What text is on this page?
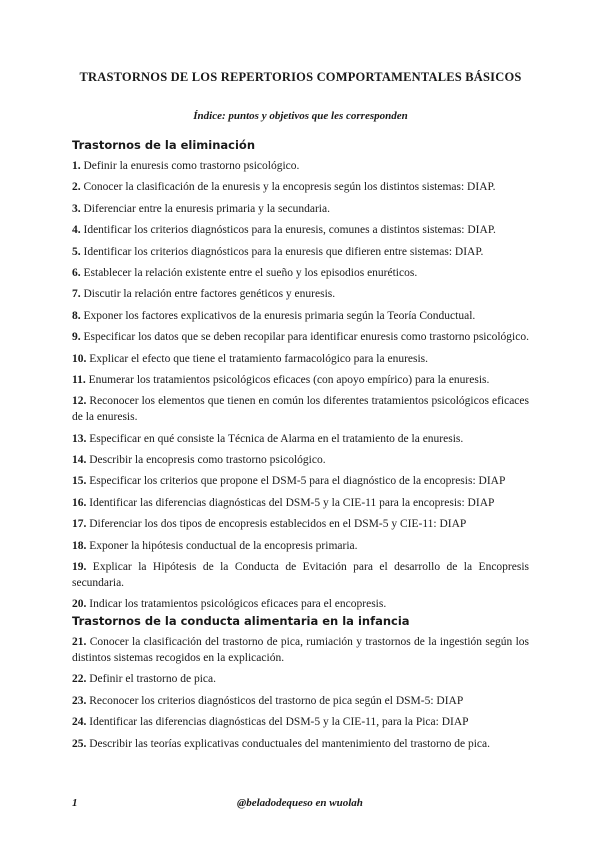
TRASTORNOS DE LOS REPERTORIOS COMPORTAMENTALES BÁSICOS
Índice: puntos y objetivos que les corresponden
Trastornos de la eliminación
1. Definir la enuresis como trastorno psicológico.
2. Conocer la clasificación de la enuresis y la encopresis según los distintos sistemas: DIAP.
3. Diferenciar entre la enuresis primaria y la secundaria.
4. Identificar los criterios diagnósticos para la enuresis, comunes a distintos sistemas: DIAP.
5. Identificar los criterios diagnósticos para la enuresis que difieren entre sistemas: DIAP.
6. Establecer la relación existente entre el sueño y los episodios enuréticos.
7. Discutir la relación entre factores genéticos y enuresis.
8. Exponer los factores explicativos de la enuresis primaria según la Teoría Conductual.
9. Especificar los datos que se deben recopilar para identificar enuresis como trastorno psicológico.
10. Explicar el efecto que tiene el tratamiento farmacológico para la enuresis.
11. Enumerar los tratamientos psicológicos eficaces (con apoyo empírico) para la enuresis.
12. Reconocer los elementos que tienen en común los diferentes tratamientos psicológicos eficaces de la enuresis.
13. Especificar en qué consiste la Técnica de Alarma en el tratamiento de la enuresis.
14. Describir la encopresis como trastorno psicológico.
15. Especificar los criterios que propone el DSM-5 para el diagnóstico de la encopresis: DIAP
16. Identificar las diferencias diagnósticas del DSM-5 y la CIE-11 para la encopresis: DIAP
17. Diferenciar los dos tipos de encopresis establecidos en el DSM-5 y CIE-11: DIAP
18. Exponer la hipótesis conductual de la encopresis primaria.
19. Explicar la Hipótesis de la Conducta de Evitación para el desarrollo de la Encopresis secundaria.
20. Indicar los tratamientos psicológicos eficaces para el encopresis.
Trastornos de la conducta alimentaria en la infancia
21. Conocer la clasificación del trastorno de pica, rumiación y trastornos de la ingestión según los distintos sistemas recogidos en la explicación.
22. Definir el trastorno de pica.
23. Reconocer los criterios diagnósticos del trastorno de pica según el DSM-5: DIAP
24. Identificar las diferencias diagnósticas del DSM-5 y la CIE-11, para la Pica: DIAP
25. Describir las teorías explicativas conductuales del mantenimiento del trastorno de pica.
1	@beladodequeso en wuolah
